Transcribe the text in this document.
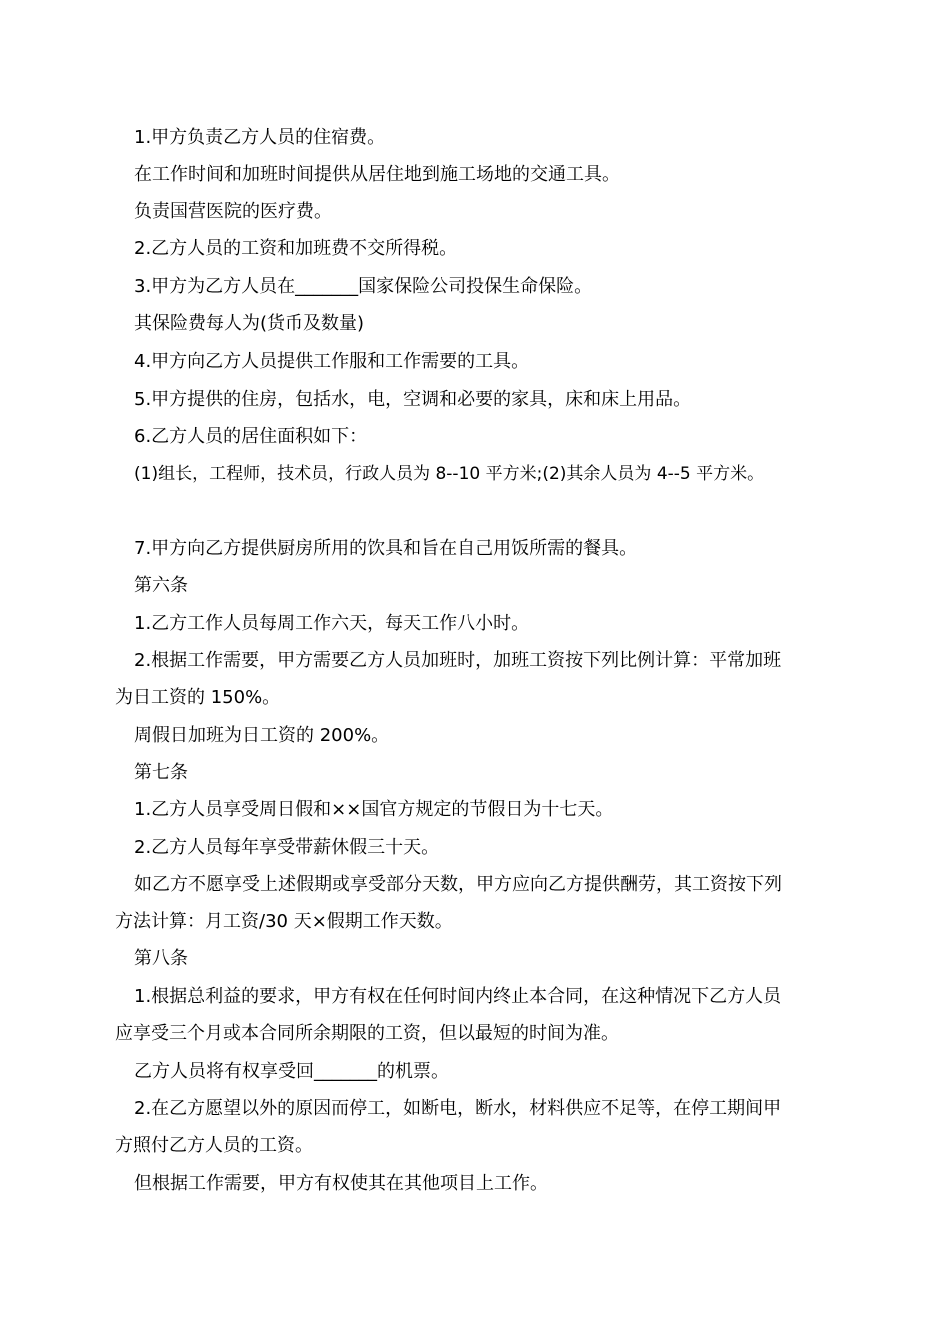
1.甲方负责乙方人员的住宿费。
在工作时间和加班时间提供从居住地到施工场地的交通工具。
负责国营医院的医疗费。
2.乙方人员的工资和加班费不交所得税。
3.甲方为乙方人员在_______国家保险公司投保生命保险。
其保险费每人为(货币及数量)
4.甲方向乙方人员提供工作服和工作需要的工具。
5.甲方提供的住房，包括水，电，空调和必要的家具，床和床上用品。
6.乙方人员的居住面积如下：
(1)组长，工程师，技术员，行政人员为 8--10 平方米;(2)其余人员为 4--5 平方米。
7.甲方向乙方提供厨房所用的饮具和旨在自己用饭所需的餐具。
第六条
1.乙方工作人员每周工作六天，每天工作八小时。
2.根据工作需要，甲方需要乙方人员加班时，加班工资按下列比例计算：平常加班
为日工资的 150%。
周假日加班为日工资的 200%。
第七条
1.乙方人员享受周日假和××国官方规定的节假日为十七天。
2.乙方人员每年享受带薪休假三十天。
如乙方不愿享受上述假期或享受部分天数，甲方应向乙方提供酬劳，其工资按下列
方法计算：月工资/30 天×假期工作天数。
第八条
1.根据总利益的要求，甲方有权在任何时间内终止本合同，在这种情况下乙方人员
应享受三个月或本合同所余期限的工资，但以最短的时间为准。
乙方人员将有权享受回_______的机票。
2.在乙方愿望以外的原因而停工，如断电，断水，材料供应不足等，在停工期间甲
方照付乙方人员的工资。
但根据工作需要，甲方有权使其在其他项目上工作。
